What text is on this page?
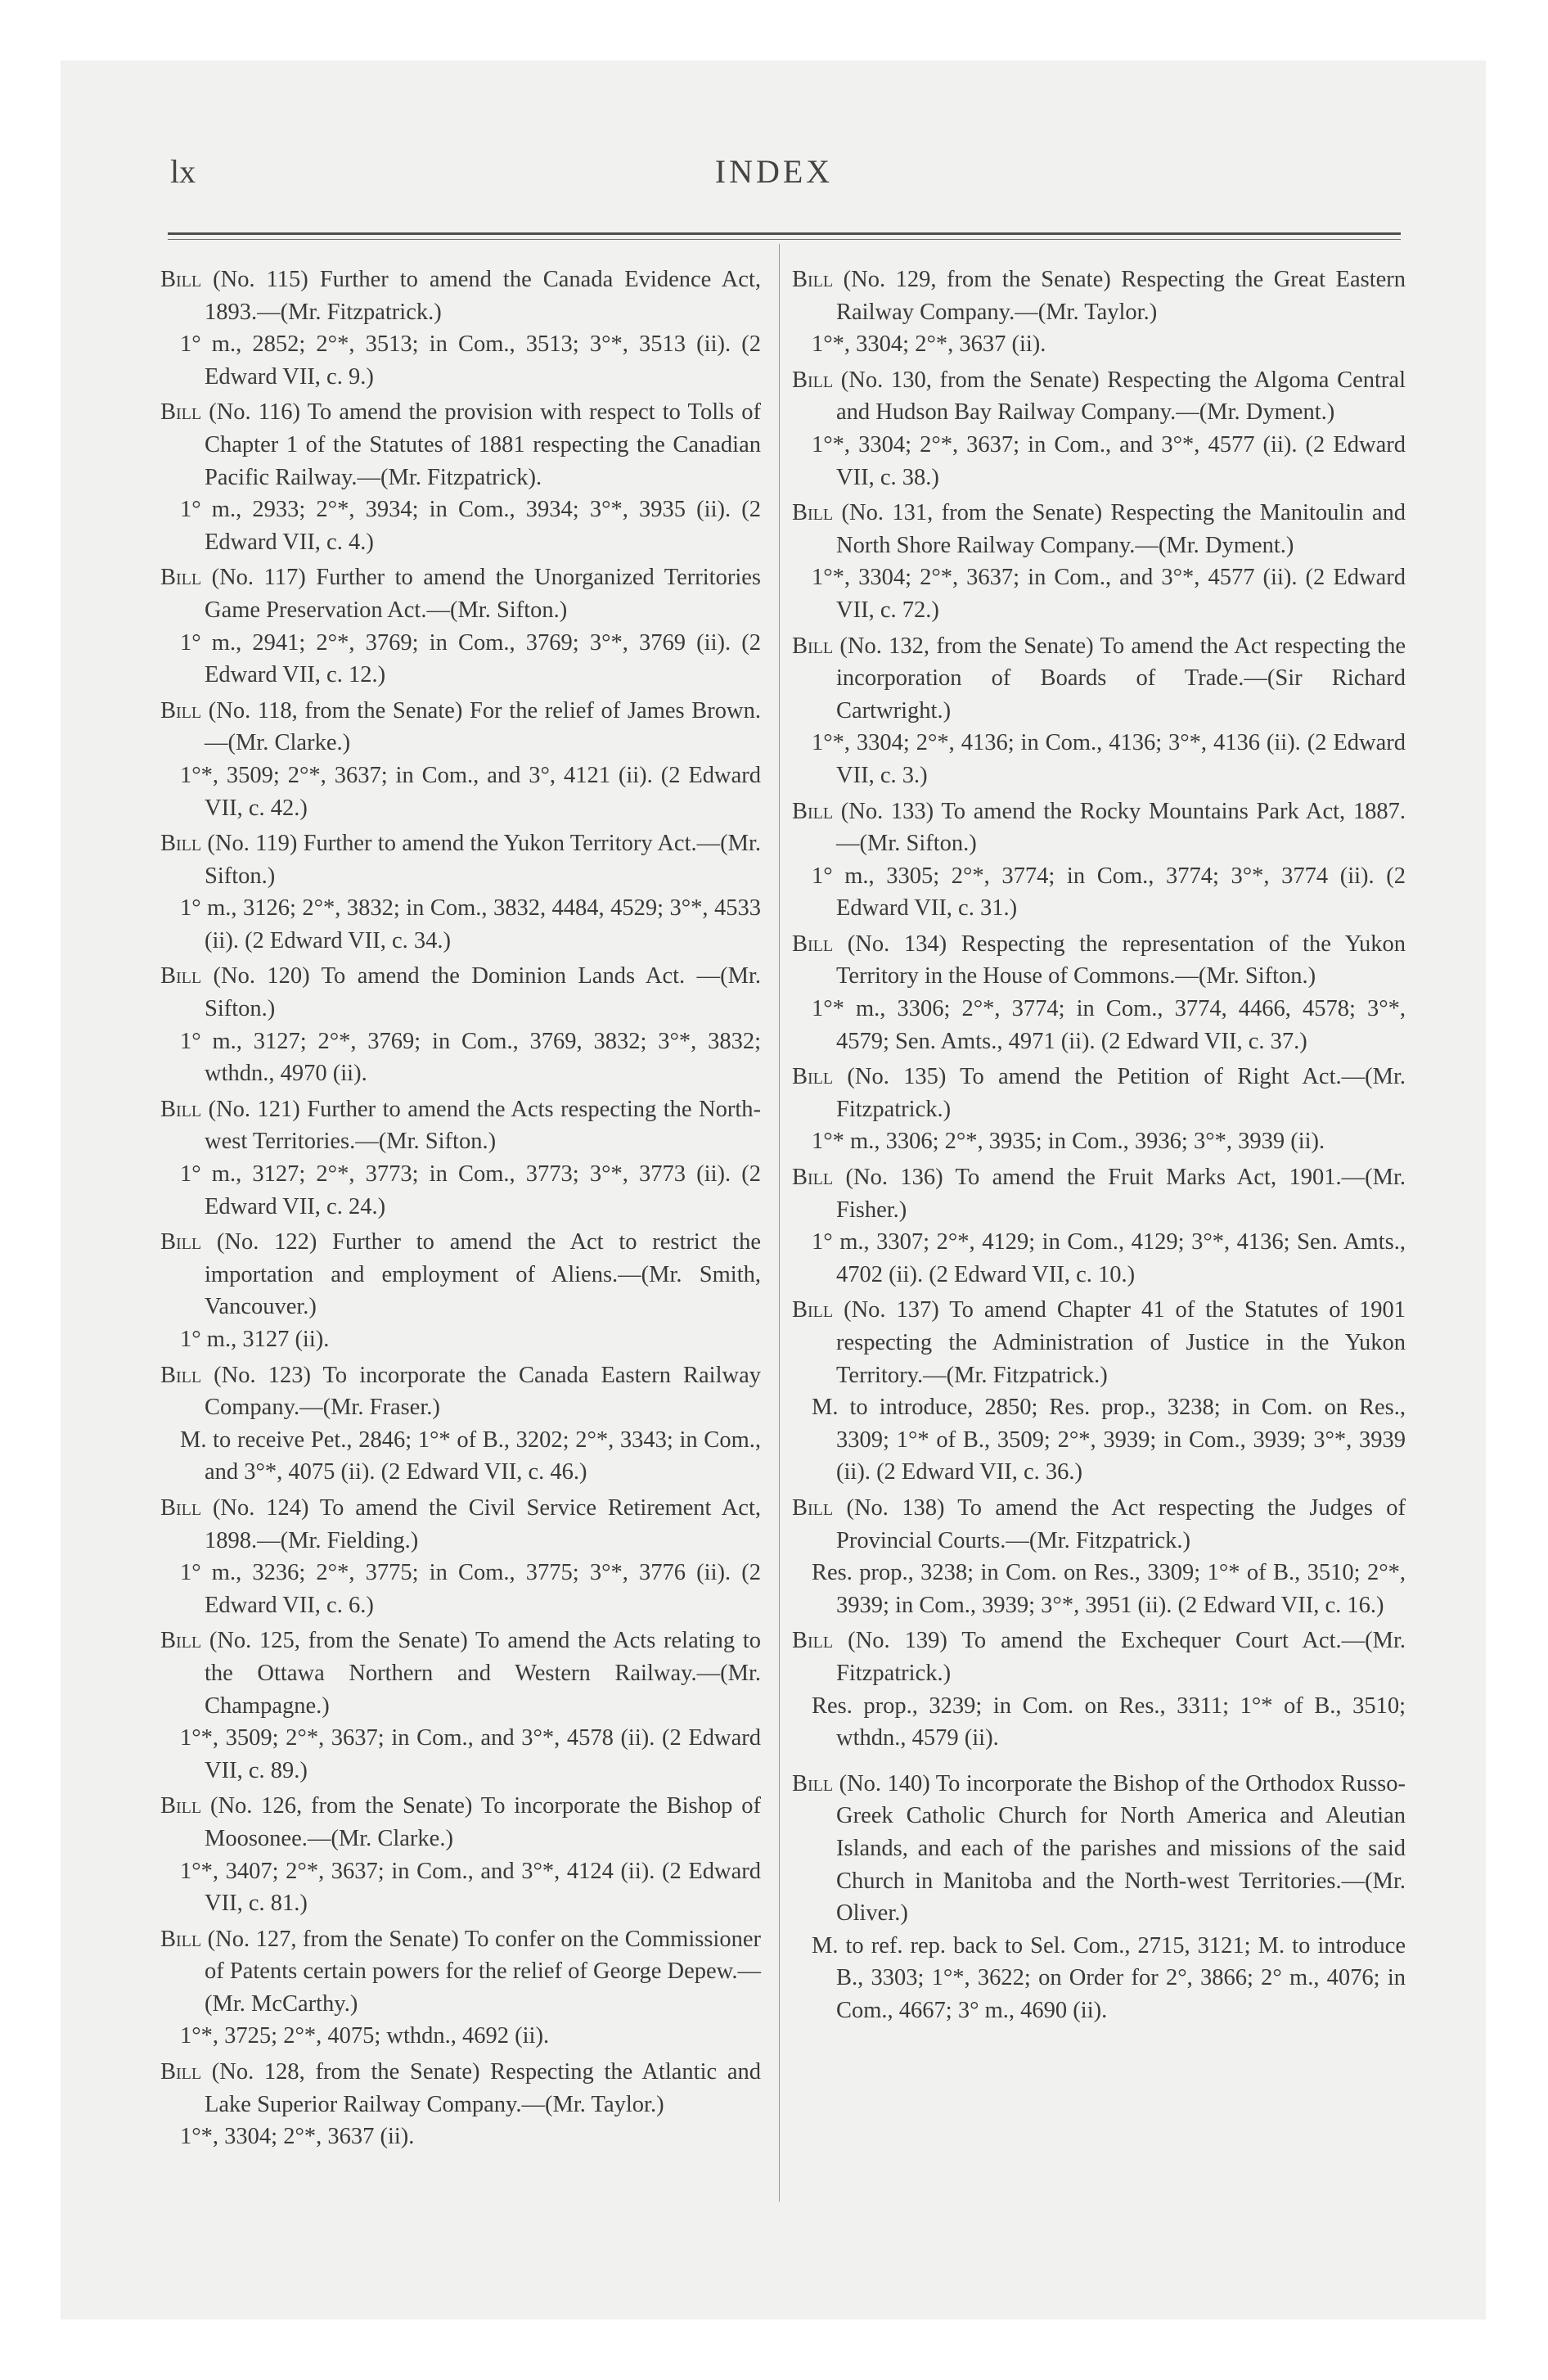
lx	INDEX

Bill (No. 115) Further to amend the Canada Evidence Act, 1893.—(Mr. Fitzpatrick.)

1° m., 2852; 2°*, 3513; in Com., 3513; 3°*, 3513 (ii). (2 Edward VII, c. 9.)

Bill (No. 116) To amend the provision with respect to Tolls of Chapter 1 of the Statutes of 1881 respecting the Canadian Pacific Railway.—(Mr. Fitzpatrick).

1° m., 2933; 2°*, 3934; in Com., 3934; 3°*, 3935 (ii). (2 Edward VII, c. 4.)

Bill (No. 117) Further to amend the Unorganized Territories Game Preservation Act.—(Mr. Sifton.)

1° m., 2941; 2°*, 3769; in Com., 3769; 3°*, 3769 (ii). (2 Edward VII, c. 12.)

Bill (No. 118, from the Senate) For the relief of James Brown.—(Mr. Clarke.)

1°*, 3509; 2°*, 3637; in Com., and 3°, 4121 (ii). (2 Edward VII, c. 42.)

Bill (No. 119) Further to amend the Yukon Territory Act.—(Mr. Sifton.)

1° m., 3126; 2°*, 3832; in Com., 3832, 4484, 4529; 3°*, 4533 (ii). (2 Edward VII, c. 34.)

Bill (No. 120) To amend the Dominion Lands Act. —(Mr. Sifton.)

1° m., 3127; 2°*, 3769; in Com., 3769, 3832; 3°*, 3832; wthdn., 4970 (ii).

Bill (No. 121) Further to amend the Acts respecting the North-west Territories.—(Mr. Sifton.)

1° m., 3127; 2°*, 3773; in Com., 3773; 3°*, 3773 (ii). (2 Edward VII, c. 24.)

Bill (No. 122) Further to amend the Act to restrict the importation and employment of Aliens.—(Mr. Smith, Vancouver.)

1° m., 3127 (ii).

Bill (No. 123) To incorporate the Canada Eastern Railway Company.—(Mr. Fraser.)

M. to receive Pet., 2846; 1°* of B., 3202; 2°*, 3343; in Com., and 3°*, 4075 (ii). (2 Edward VII, c. 46.)

Bill (No. 124) To amend the Civil Service Retirement Act, 1898.—(Mr. Fielding.)

1° m., 3236; 2°*, 3775; in Com., 3775; 3°*, 3776 (ii). (2 Edward VII, c. 6.)

Bill (No. 125, from the Senate) To amend the Acts relating to the Ottawa Northern and Western Railway.—(Mr. Champagne.)

1°*, 3509; 2°*, 3637; in Com., and 3°*, 4578 (ii). (2 Edward VII, c. 89.)

Bill (No. 126, from the Senate) To incorporate the Bishop of Moosonee.—(Mr. Clarke.)

1°*, 3407; 2°*, 3637; in Com., and 3°*, 4124 (ii). (2 Edward VII, c. 81.)

Bill (No. 127, from the Senate) To confer on the Commissioner of Patents certain powers for the relief of George Depew.—(Mr. McCarthy.)

1°*, 3725; 2°*, 4075; wthdn., 4692 (ii).

Bill (No. 128, from the Senate) Respecting the Atlantic and Lake Superior Railway Company.—(Mr. Taylor.)

1°*, 3304; 2°*, 3637 (ii).

Bill (No. 129, from the Senate) Respecting the Great Eastern Railway Company.—(Mr. Taylor.)

1°*, 3304; 2°*, 3637 (ii).

Bill (No. 130, from the Senate) Respecting the Algoma Central and Hudson Bay Railway Company.—(Mr. Dyment.)

1°*, 3304; 2°*, 3637; in Com., and 3°*, 4577 (ii). (2 Edward VII, c. 38.)

Bill (No. 131, from the Senate) Respecting the Manitoulin and North Shore Railway Company.—(Mr. Dyment.)

1°*, 3304; 2°*, 3637; in Com., and 3°*, 4577 (ii). (2 Edward VII, c. 72.)

Bill (No. 132, from the Senate) To amend the Act respecting the incorporation of Boards of Trade.—(Sir Richard Cartwright.)

1°*, 3304; 2°*, 4136; in Com., 4136; 3°*, 4136 (ii). (2 Edward VII, c. 3.)

Bill (No. 133) To amend the Rocky Mountains Park Act, 1887.—(Mr. Sifton.)

1° m., 3305; 2°*, 3774; in Com., 3774; 3°*, 3774 (ii). (2 Edward VII, c. 31.)

Bill (No. 134) Respecting the representation of the Yukon Territory in the House of Commons.—(Mr. Sifton.)

1°* m., 3306; 2°*, 3774; in Com., 3774, 4466, 4578; 3°*, 4579; Sen. Amts., 4971 (ii). (2 Edward VII, c. 37.)

Bill (No. 135) To amend the Petition of Right Act.—(Mr. Fitzpatrick.)

1°* m., 3306; 2°*, 3935; in Com., 3936; 3°*, 3939 (ii).

Bill (No. 136) To amend the Fruit Marks Act, 1901.—(Mr. Fisher.)

1° m., 3307; 2°*, 4129; in Com., 4129; 3°*, 4136; Sen. Amts., 4702 (ii). (2 Edward VII, c. 10.)

Bill (No. 137) To amend Chapter 41 of the Statutes of 1901 respecting the Administration of Justice in the Yukon Territory.—(Mr. Fitzpatrick.)

M. to introduce, 2850; Res. prop., 3238; in Com. on Res., 3309; 1°* of B., 3509; 2°*, 3939; in Com., 3939; 3°*, 3939 (ii). (2 Edward VII, c. 36.)

Bill (No. 138) To amend the Act respecting the Judges of Provincial Courts.—(Mr. Fitzpatrick.)

Res. prop., 3238; in Com. on Res., 3309; 1°* of B., 3510; 2°*, 3939; in Com., 3939; 3°*, 3951 (ii). (2 Edward VII, c. 16.)

Bill (No. 139) To amend the Exchequer Court Act.—(Mr. Fitzpatrick.)

Res. prop., 3239; in Com. on Res., 3311; 1°* of B., 3510; wthdn., 4579 (ii).

Bill (No. 140) To incorporate the Bishop of the Orthodox Russo-Greek Catholic Church for North America and Aleutian Islands, and each of the parishes and missions of the said Church in Manitoba and the North-west Territories.—(Mr. Oliver.)

M. to ref. rep. back to Sel. Com., 2715, 3121; M. to introduce B., 3303; 1°*, 3622; on Order for 2°, 3866; 2° m., 4076; in Com., 4667; 3° m., 4690 (ii).
